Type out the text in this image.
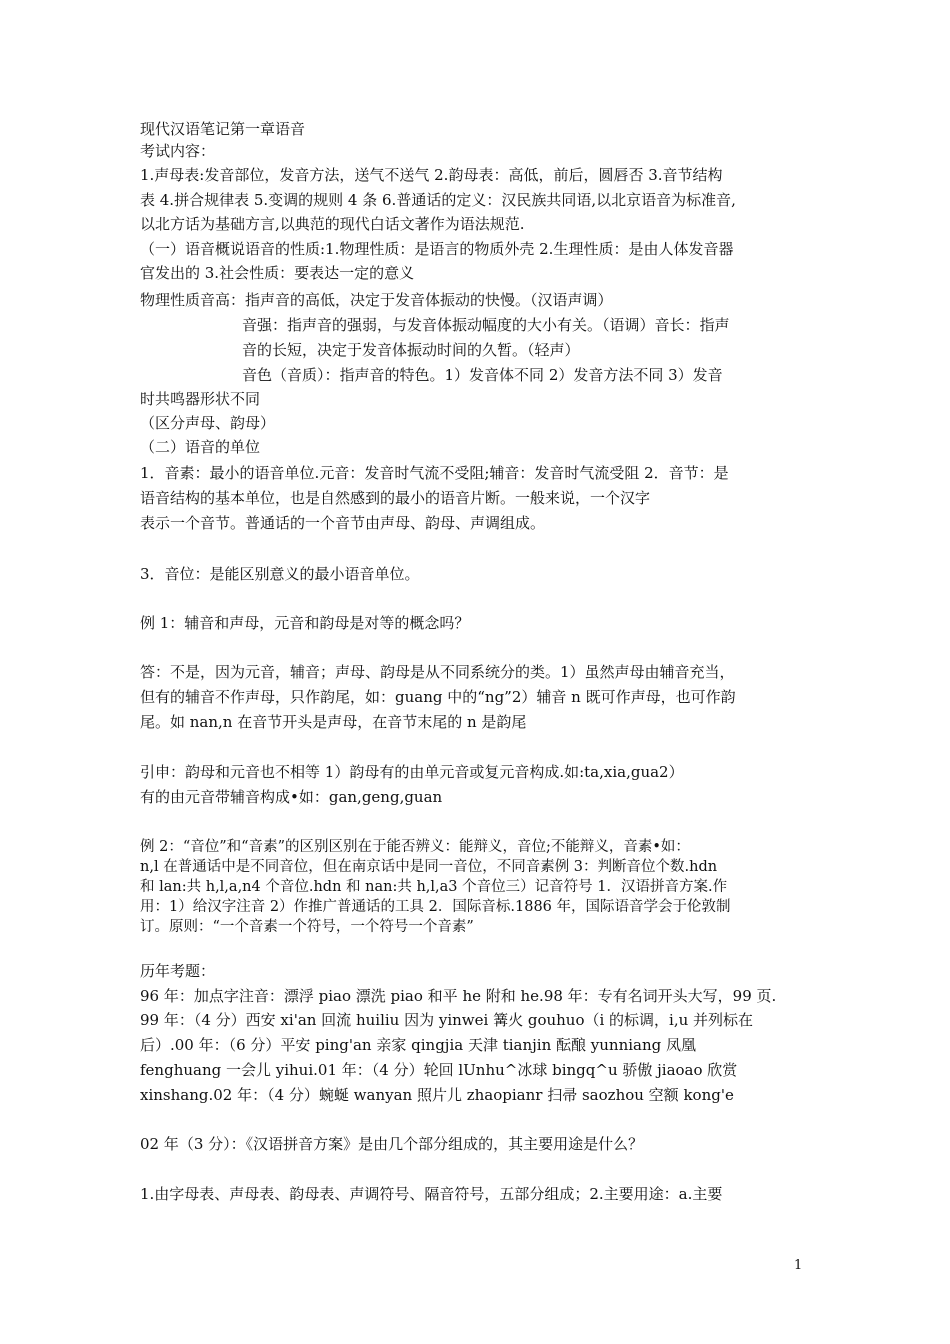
现代汉语笔记第一章语音
考试内容：
1.声母表:发音部位，发音方法，送气不送气 2.韵母表：高低，前后，圆唇否 3.音节结构
表 4.拼合规律表 5.变调的规则 4 条 6.普通话的定义：汉民族共同语,以北京语音为标准音,
以北方话为基础方言,以典范的现代白话文著作为语法规范.
（一）语音概说语音的性质:1.物理性质：是语言的物质外壳 2.生理性质：是由人体发音器
官发出的 3.社会性质：要表达一定的意义
物理性质音高：指声音的高低，决定于发音体振动的快慢。（汉语声调）
音强：指声音的强弱，与发音体振动幅度的大小有关。（语调）音长：指声
音的长短，决定于发音体振动时间的久暂。（轻声）
音色（音质）：指声音的特色。1）发音体不同 2）发音方法不同 3）发音
时共鸣器形状不同
（区分声母、韵母）
（二）语音的单位
1．音素：最小的语音单位.元音：发音时气流不受阻;辅音：发音时气流受阻 2．音节：是
语音结构的基本单位，也是自然感到的最小的语音片断。一般来说，一个汉字
表示一个音节。普通话的一个音节由声母、韵母、声调组成。
3．音位：是能区别意义的最小语音单位。
例 1：辅音和声母，元音和韵母是对等的概念吗？
答：不是，因为元音，辅音；声母、韵母是从不同系统分的类。1）虽然声母由辅音充当，
但有的辅音不作声母，只作韵尾，如：guang 中的“ng”2）辅音 n 既可作声母，也可作韵
尾。如 nan,n 在音节开头是声母，在音节末尾的 n 是韵尾
引申：韵母和元音也不相等 1）韵母有的由单元音或复元音构成.如:ta,xia,gua2）
有的由元音带辅音构成•如：gan,geng,guan
例 2：“音位”和“音素”的区别区别在于能否辨义：能辩义，音位;不能辩义，音素•如：
n,l 在普通话中是不同音位，但在南京话中是同一音位，不同音素例 3：判断音位个数.hdn
和 lan:共 h,l,a,n4 个音位.hdn 和 nan:共 h,l,a3 个音位三）记音符号 1．汉语拼音方案.作
用：1）给汉字注音 2）作推广普通话的工具 2．国际音标.1886 年，国际语音学会于伦敦制
订。原则：“一个音素一个符号，一个符号一个音素”
历年考题：
96 年：加点字注音：漂浮 piao 漂洗 piao 和平 he 附和 he.98 年：专有名词开头大写，99 页.
99 年：（4 分）西安 xi'an 回流 huiliu 因为 yinwei 篝火 gouhuo（i 的标调，i,u 并列标在
后）.00 年：（6 分）平安 ping'an 亲家 qingjia 天津 tianjin 酝酿 yunniang 凤凰
fenghuang 一会儿 yihui.01 年：（4 分）轮回 lUnhu^冰球 bingq^u 骄傲 jiaoao 欣赏
xinshang.02 年：（4 分）蜿蜒 wanyan 照片儿 zhaopianr 扫帚 saozhou 空额 kong'e
02 年（3 分）：《汉语拼音方案》是由几个部分组成的，其主要用途是什么？
1.由字母表、声母表、韵母表、声调符号、隔音符号，五部分组成；2.主要用途：a.主要
1
